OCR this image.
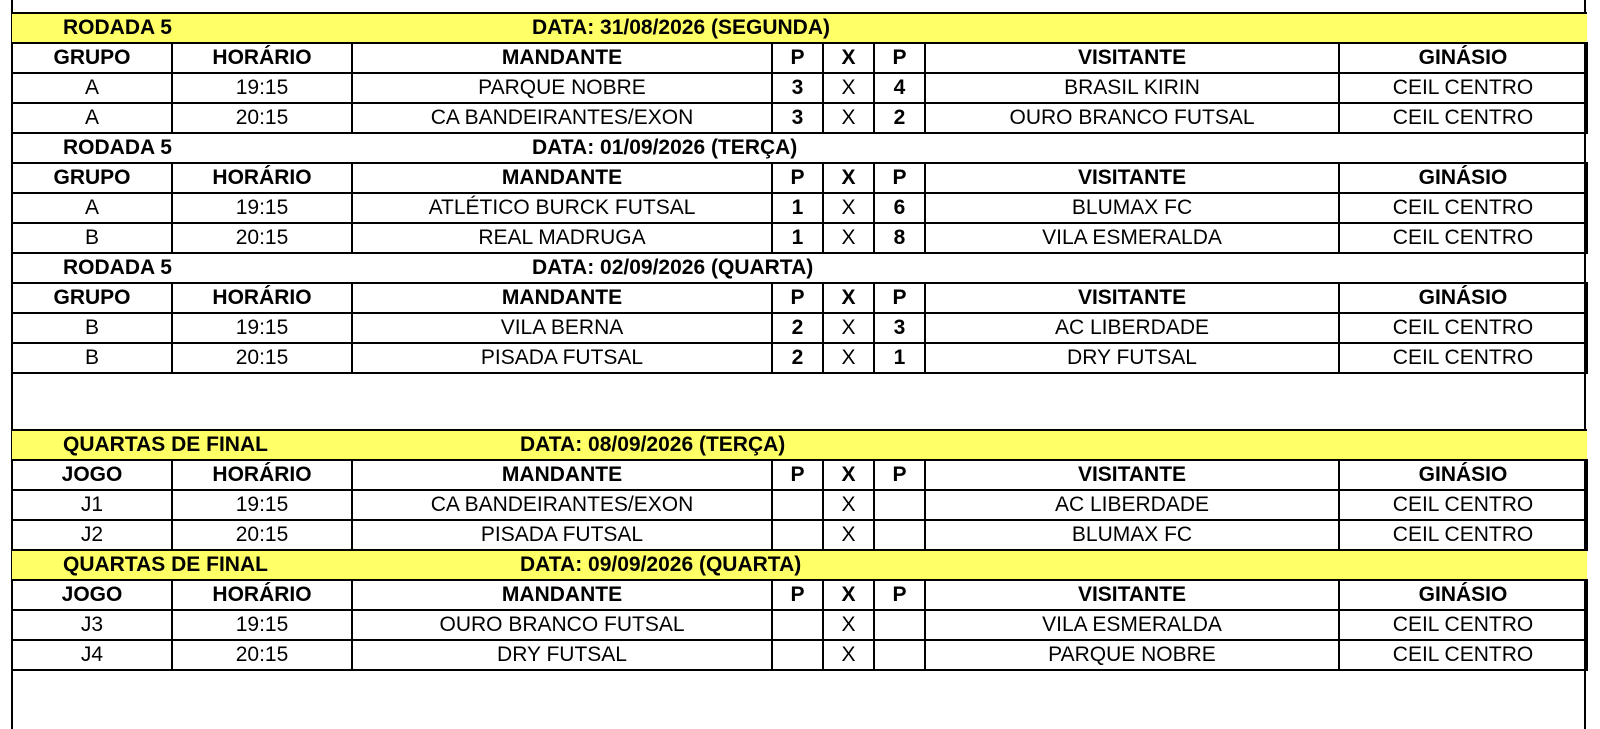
RODADA 5			DATA: 31/08/2026 (SEGUNDA)				
GRUPO	HORÁRIO	MANDANTE	P	X	P	VISITANTE	GINÁSIO
A	19:15	PARQUE NOBRE	3	X	4	BRASIL KIRIN	CEIL CENTRO
A	20:15	CA BANDEIRANTES/EXON	3	X	2	OURO BRANCO FUTSAL	CEIL CENTRO
RODADA 5			DATA: 01/09/2026 (TERÇA)				
GRUPO	HORÁRIO	MANDANTE	P	X	P	VISITANTE	GINÁSIO
A	19:15	ATLÉTICO BURCK FUTSAL	1	X	6	BLUMAX FC	CEIL CENTRO
B	20:15	REAL MADRUGA	1	X	8	VILA ESMERALDA	CEIL CENTRO
RODADA 5			DATA: 02/09/2026 (QUARTA)				
GRUPO	HORÁRIO	MANDANTE	P	X	P	VISITANTE	GINÁSIO
B	19:15	VILA BERNA	2	X	3	AC LIBERDADE	CEIL CENTRO
B	20:15	PISADA FUTSAL	2	X	1	DRY FUTSAL	CEIL CENTRO
QUARTAS DE FINAL			DATA: 08/09/2026 (TERÇA)				
JOGO	HORÁRIO	MANDANTE	P	X	P	VISITANTE	GINÁSIO
J1	19:15	CA BANDEIRANTES/EXON		X		AC LIBERDADE	CEIL CENTRO
J2	20:15	PISADA FUTSAL		X		BLUMAX FC	CEIL CENTRO
QUARTAS DE FINAL			DATA: 09/09/2026 (QUARTA)				
JOGO	HORÁRIO	MANDANTE	P	X	P	VISITANTE	GINÁSIO
J3	19:15	OURO BRANCO FUTSAL		X		VILA ESMERALDA	CEIL CENTRO
J4	20:15	DRY FUTSAL		X		PARQUE NOBRE	CEIL CENTRO
